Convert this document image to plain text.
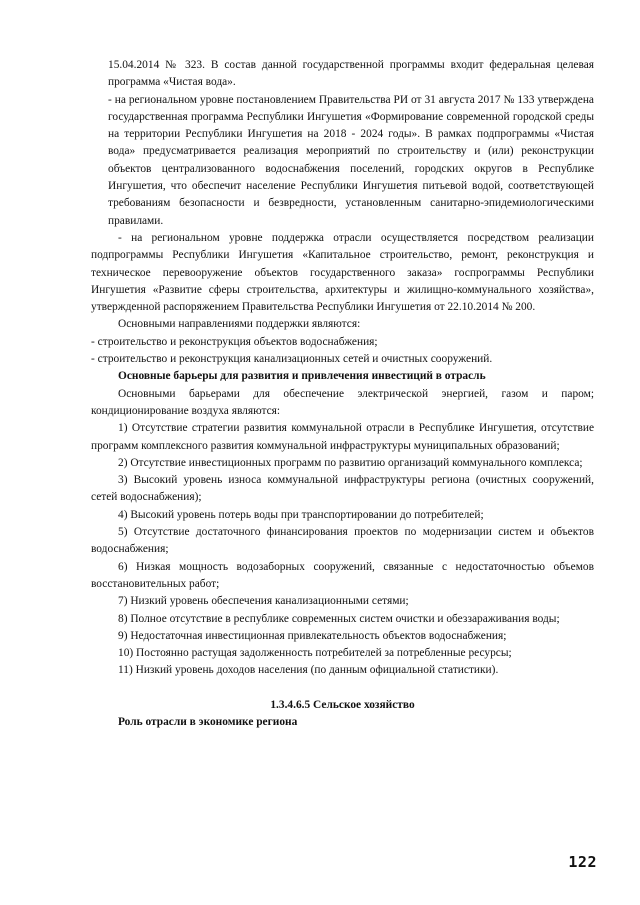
15.04.2014 № 323. В состав данной государственной программы входит федеральная целевая программа «Чистая вода».

- на региональном уровне постановлением Правительства РИ от 31 августа 2017 № 133 утверждена государственная программа Республики Ингушетия «Формирование современной городской среды на территории Республики Ингушетия на 2018 - 2024 годы». В рамках подпрограммы «Чистая вода» предусматривается реализация мероприятий по строительству и (или) реконструкции объектов централизованного водоснабжения поселений, городских округов в Республике Ингушетия, что обеспечит население Республики Ингушетия питьевой водой, соответствующей требованиям безопасности и безвредности, установленным санитарно-эпидемиологическими правилами.

- на региональном уровне поддержка отрасли осуществляется посредством реализации подпрограммы Республики Ингушетия «Капитальное строительство, ремонт, реконструкция и техническое перевооружение объектов государственного заказа» госпрограммы Республики Ингушетия «Развитие сферы строительства, архитектуры и жилищно-коммунального хозяйства», утвержденной распоряжением Правительства Республики Ингушетия от 22.10.2014 № 200.

Основными направлениями поддержки являются:

- строительство и реконструкция объектов водоснабжения;

- строительство и реконструкция канализационных сетей и очистных сооружений.

Основные барьеры для развития и привлечения инвестиций в отрасль

Основными барьерами для обеспечение электрической энергией, газом и паром; кондиционирование воздуха являются:

1) Отсутствие стратегии развития коммунальной отрасли в Республике Ингушетия, отсутствие программ комплексного развития коммунальной инфраструктуры муниципальных образований;

2) Отсутствие инвестиционных программ по развитию организаций коммунального комплекса;

3) Высокий уровень износа коммунальной инфраструктуры региона (очистных сооружений, сетей водоснабжения);

4) Высокий уровень потерь воды при транспортировании до потребителей;

5) Отсутствие достаточного финансирования проектов по модернизации систем и объектов водоснабжения;

6) Низкая мощность водозаборных сооружений, связанные с недостаточностью объемов восстановительных работ;

7) Низкий уровень обеспечения канализационными сетями;

8) Полное отсутствие в республике современных систем очистки и обеззараживания воды;

9) Недостаточная инвестиционная привлекательность объектов водоснабжения;

10) Постоянно растущая задолженность потребителей за потребленные ресурсы;

11) Низкий уровень доходов населения (по данным официальной статистики).

1.3.4.6.5 Сельское хозяйство

Роль отрасли в экономике региона

122
